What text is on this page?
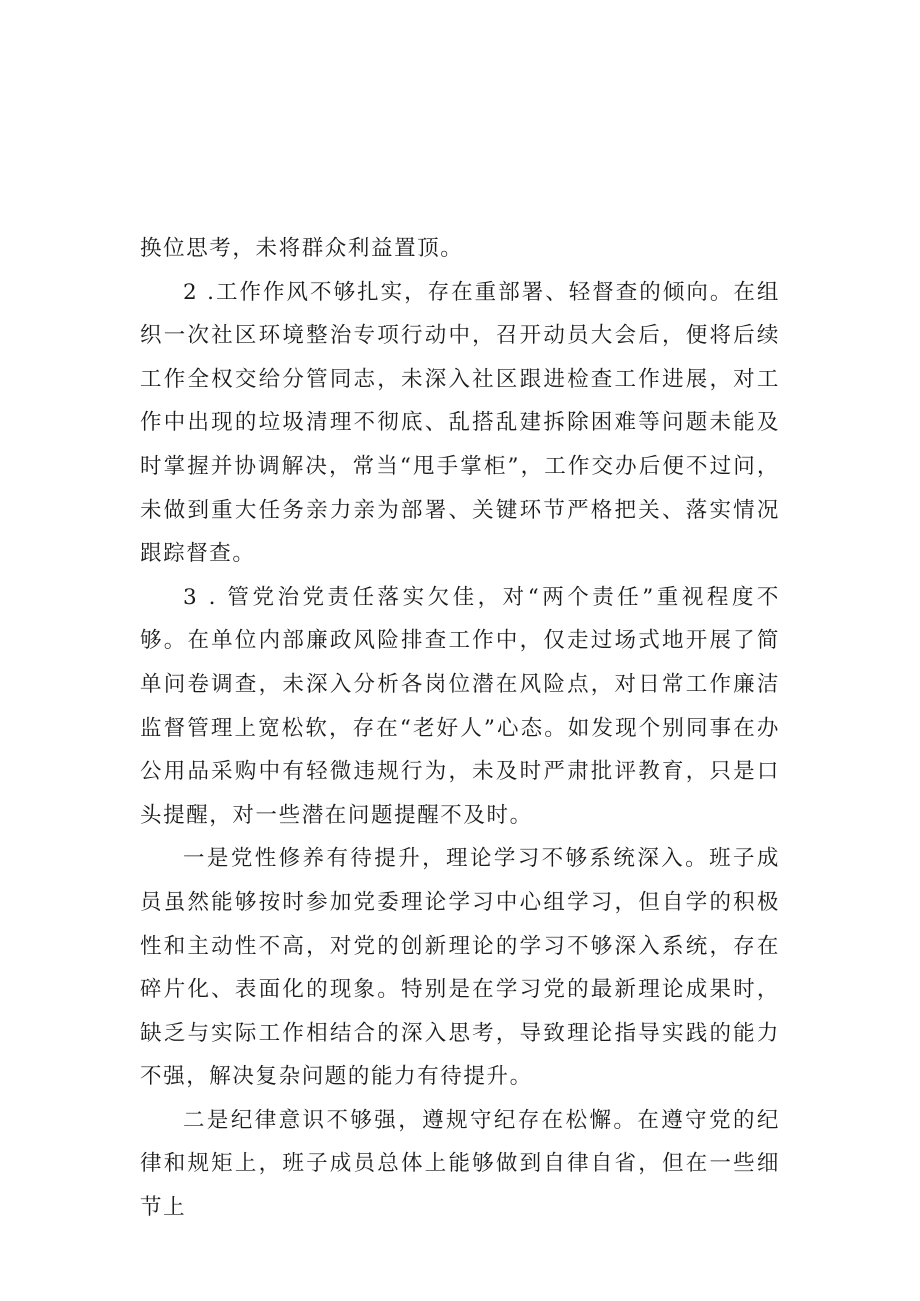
换位思考，未将群众利益置顶。

2 .工作作风不够扎实，存在重部署、轻督查的倾向。在组织一次社区环境整治专项行动中，召开动员大会后，便将后续工作全权交给分管同志，未深入社区跟进检查工作进展，对工作中出现的垃圾清理不彻底、乱搭乱建拆除困难等问题未能及时掌握并协调解决，常当“甩手掌柜”，工作交办后便不过问，未做到重大任务亲力亲为部署、关键环节严格把关、落实情况跟踪督查。

3 . 管党治党责任落实欠佳，对“两个责任”重视程度不够。在单位内部廉政风险排查工作中，仅走过场式地开展了简单问卷调查，未深入分析各岗位潜在风险点，对日常工作廉洁监督管理上宽松软，存在“老好人”心态。如发现个别同事在办公用品采购中有轻微违规行为，未及时严肃批评教育，只是口头提醒，对一些潜在问题提醒不及时。

一是党性修养有待提升，理论学习不够系统深入。班子成员虽然能够按时参加党委理论学习中心组学习，但自学的积极性和主动性不高，对党的创新理论的学习不够深入系统，存在碎片化、表面化的现象。特别是在学习党的最新理论成果时，缺乏与实际工作相结合的深入思考，导致理论指导实践的能力不强，解决复杂问题的能力有待提升。

二是纪律意识不够强，遵规守纪存在松懈。在遵守党的纪律和规矩上，班子成员总体上能够做到自律自省，但在一些细节上
